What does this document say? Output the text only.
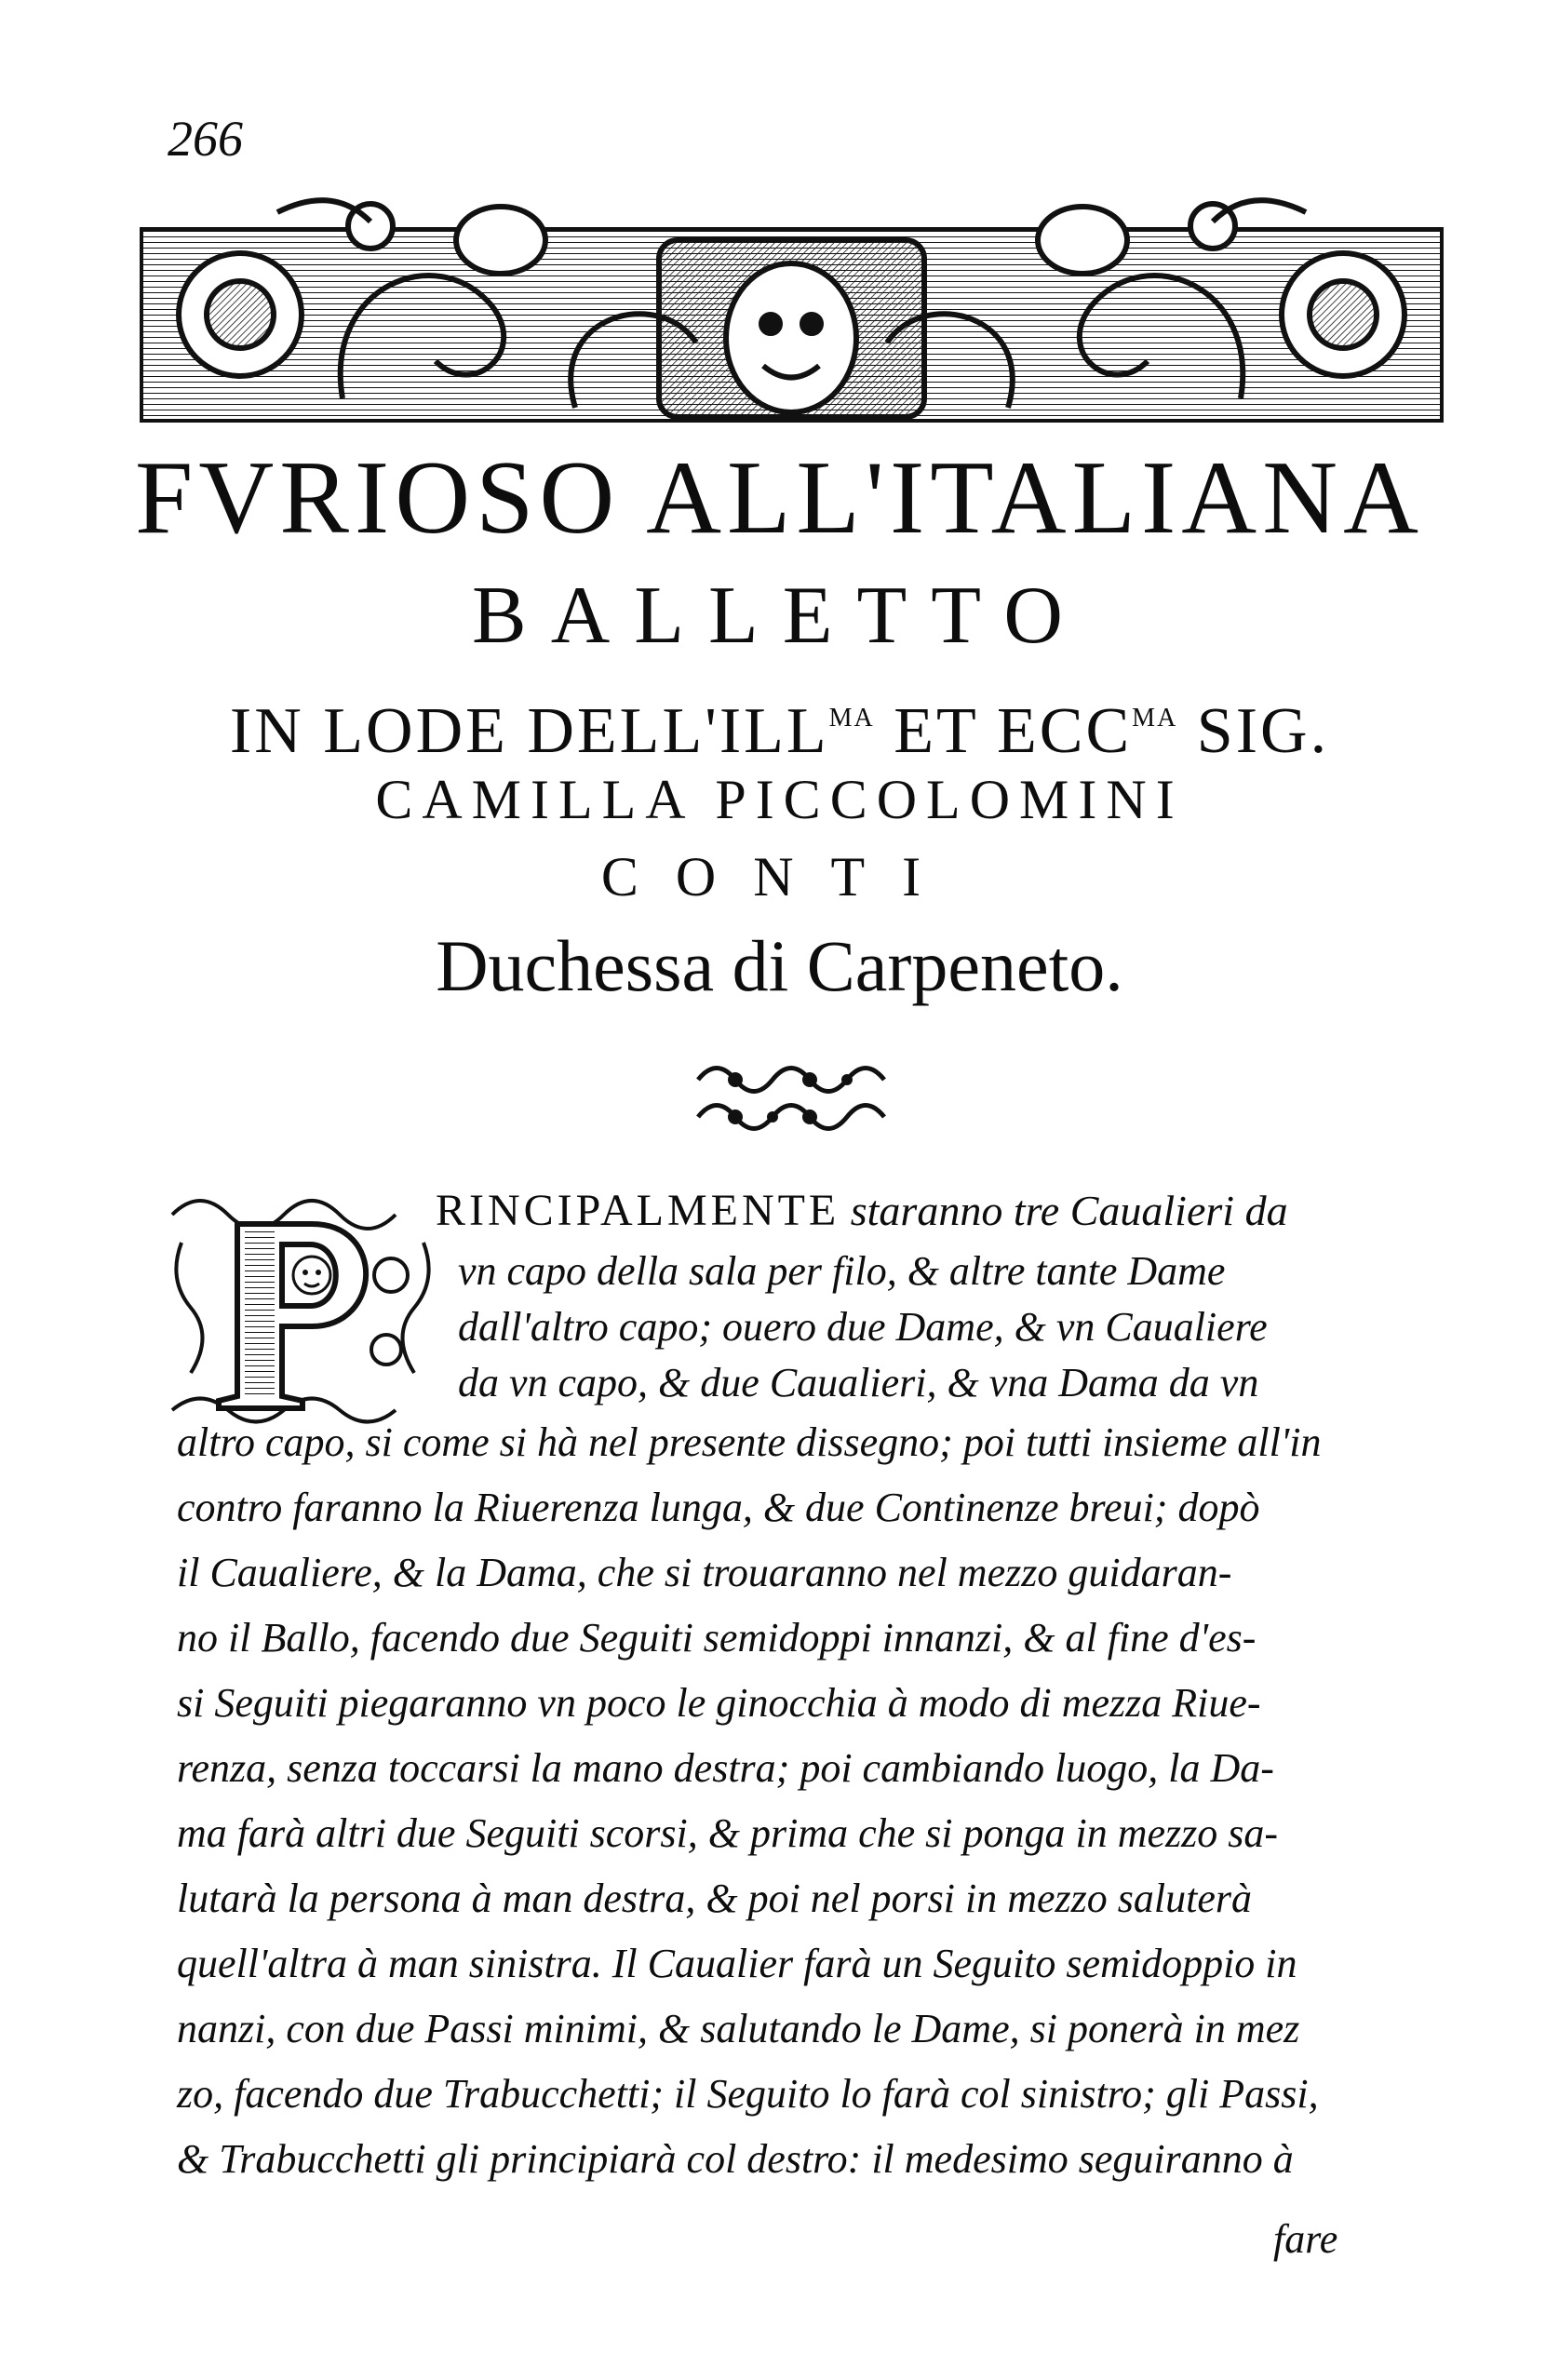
266
FVRIOSO ALL'ITALIANA
BALLETTO
IN LODE $DELL'ILL^{MA}$ ET $ECC^{MA}$ SIG.
CAMILLA PICCOLOMINI
CONTI
Duchessa di Carpeneto.
RINCIPALMENTE staranno tre Caualieri da
vn capo della sala per filo, & altre tante Dame
dall'altro capo; ouero due Dame, & vn Caualiere
da vn capo, & due Caualieri, & vna Dama da vn
altro capo, si come si hà nel presente dissegno; poi tutti insieme all'in
contro faranno la Riuerenza lunga, & due Continenze breui; dopò
il Caualiere, & la Dama, che si trouaranno nel mezzo guidaran-
no il Ballo, facendo due Seguiti semidoppi innanzi, & al fine d'es-
si Seguiti piegaranno vn poco le ginocchia à modo di mezza Riue-
renza, senza toccarsi la mano destra; poi cambiando luogo, la Da-
ma farà altri due Seguiti scorsi, & prima che si ponga in mezzo sa-
lutarà la persona à man destra, & poi nel porsi in mezzo saluterà
quell'altra à man sinistra. Il Caualier farà un Seguito semidoppio in
nanzi, con due Passi minimi, & salutando le Dame, si ponerà in mez
zo, facendo due Trabucchetti; il Seguito lo farà col sinistro; gli Passi,
& Trabucchetti gli principiarà col destro: il medesimo seguiranno à
fare
